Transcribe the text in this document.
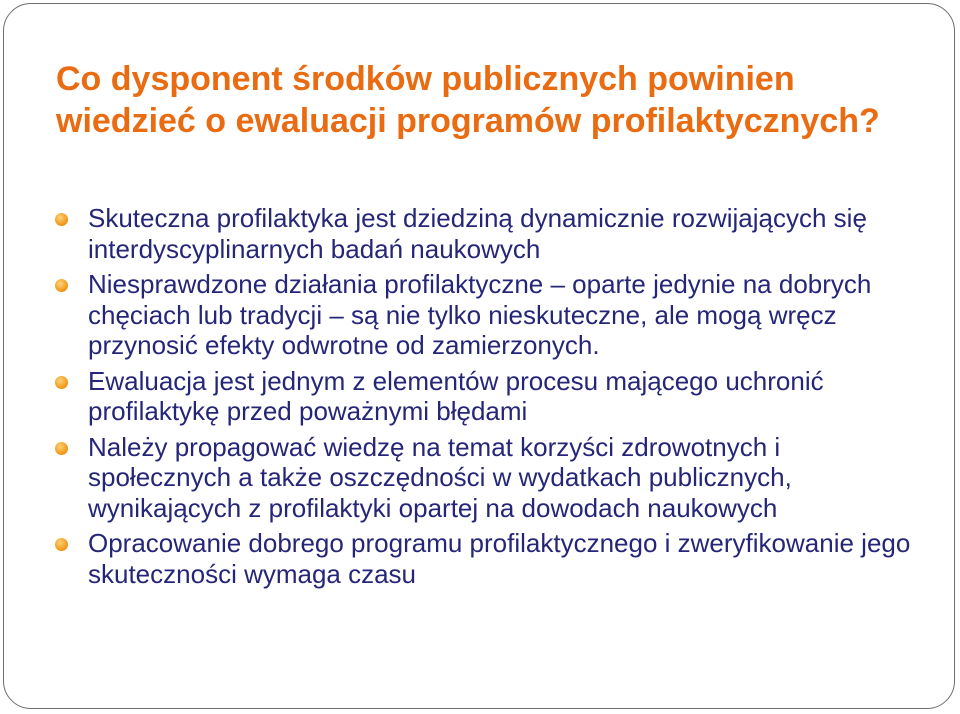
Co dysponent środków publicznych powinien wiedzieć o ewaluacji programów profilaktycznych?
Skuteczna profilaktyka jest dziedziną dynamicznie rozwijających się interdyscyplinarnych badań naukowych
Niesprawdzone działania profilaktyczne – oparte jedynie na dobrych chęciach lub tradycji – są nie tylko nieskuteczne, ale mogą wręcz przynosić efekty odwrotne od zamierzonych.
Ewaluacja jest jednym z elementów procesu mającego uchronić profilaktykę przed poważnymi błędami
Należy propagować wiedzę na temat korzyści zdrowotnych i społecznych a także oszczędności w wydatkach publicznych, wynikających z profilaktyki opartej na dowodach naukowych
Opracowanie dobrego programu profilaktycznego i zweryfikowanie jego skuteczności wymaga czasu
